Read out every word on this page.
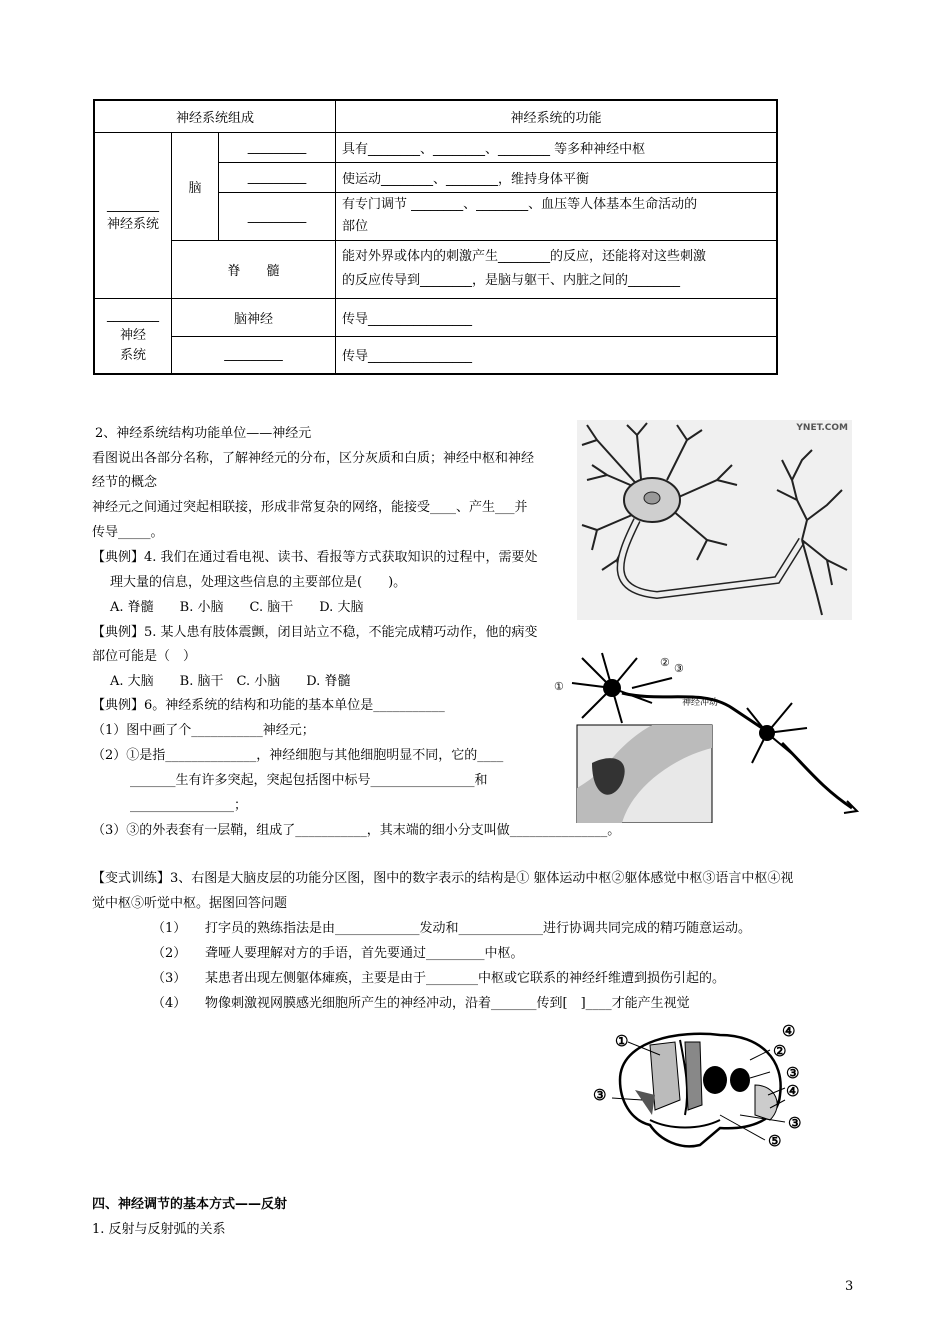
神经系统组成			神经系统的功能

________
神经系统	脑	_________	具有________、________、________ 等多种神经中枢
		_________	使运动________、________，维持身体平衡
		_________	有专门调节 ________、________、血压等人体基本生命活动的
部位

	脊　　髓		能对外界或体内的刺激产生________的反应，还能将对这些刺激
的反应传导到________，是脑与躯干、内脏之间的________

________
神经
系统	脑神经		传导________________
	_________		传导________________
2、神经系统结构功能单位——神经元
看图说出各部分名称，了解神经元的分布，区分灰质和白质；神经中枢和神经
经节的概念
神经元之间通过突起相联接，形成非常复杂的网络，能接受____、产生___并
传导_____。
【典例】4. 我们在通过看电视、读书、看报等方式获取知识的过程中，需要处
理大量的信息，处理这些信息的主要部位是(　　)。
A. 脊髓　　B. 小脑　　C. 脑干　　D. 大脑
【典例】5. 某人患有肢体震颤，闭目站立不稳，不能完成精巧动作，他的病变
部位可能是（　）
A. 大脑　　B. 脑干　C. 小脑　　D. 脊髓
【典例】6。神经系统的结构和功能的基本单位是___________
（1）图中画了个___________神经元；
（2）①是指______________，神经细胞与其他细胞明显不同，它的____
_______生有许多突起，突起包括图中标号________________和
________________；
（3）③的外表套有一层鞘，组成了___________，其末端的细小分支叫做_______________。
YNET.COM
①
② ③
神经冲动
【变式训练】3、右图是大脑皮层的功能分区图，图中的数字表示的结构是① 躯体运动中枢②躯体感觉中枢③语言中枢④视
觉中枢⑤听觉中枢。据图回答问题
（1） 打字员的熟练指法是由_____________发动和_____________进行协调共同完成的精巧随意运动。
（2） 聋哑人要理解对方的手语，首先要通过_________中枢。
（3） 某患者出现左侧躯体瘫痪，主要是由于________中枢或它联系的神经纤维遭到损伤引起的。
（4） 物像刺激视网膜感光细胞所产生的神经冲动，沿着_______传到[　]____才能产生视觉
①
④
②
③
④
③
③
⑤
四、神经调节的基本方式——反射
1. 反射与反射弧的关系
3
